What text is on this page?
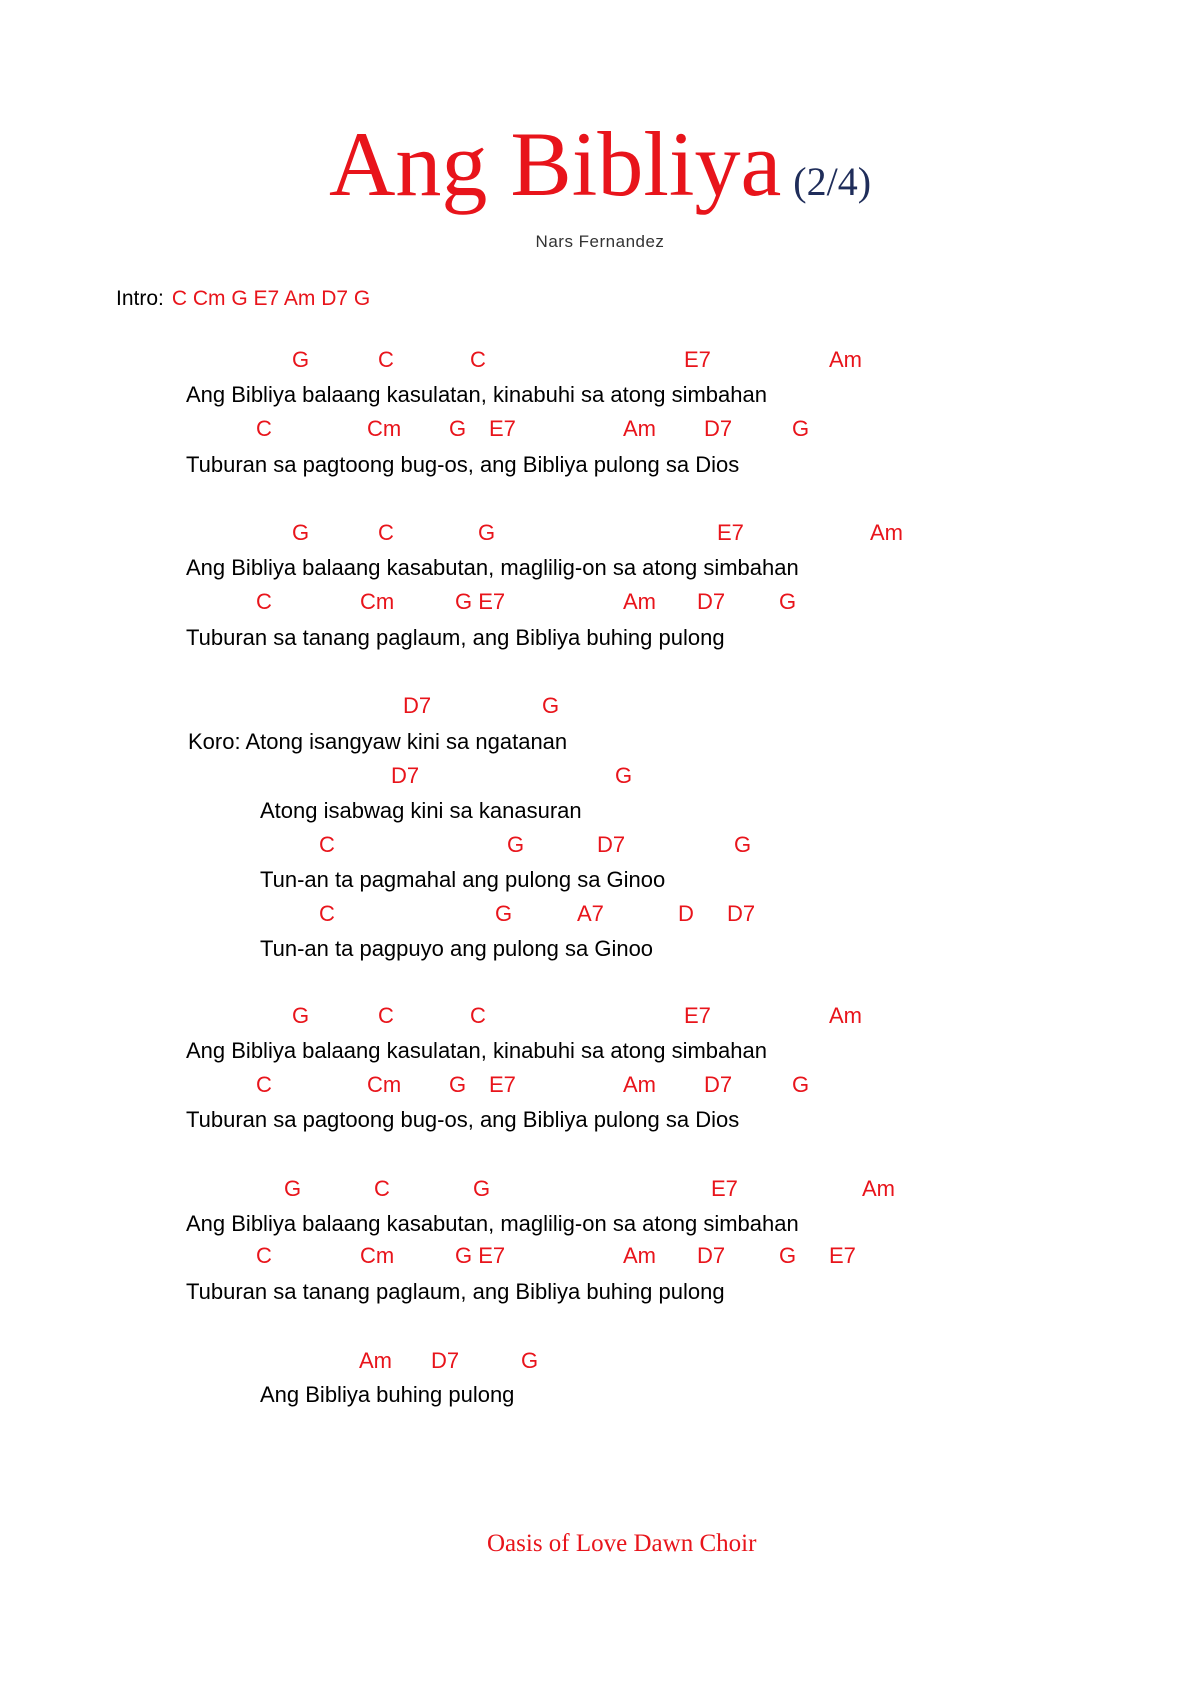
Ang Bibliya (2/4)
Nars Fernandez
Intro: C Cm G E7 Am D7 G
Ang Bibliya balaang kasulatan, kinabuhi sa atong simbahan
G	C	C	E7	Am
Tuburan sa pagtoong bug-os, ang Bibliya pulong sa Dios
C	Cm G E7	Am D7	G
Ang Bibliya balaang kasabutan, maglilig-on sa atong simbahan
G	C	G	E7	Am
Tuburan sa tanang paglaum, ang Bibliya buhing pulong
C	Cm	G E7	Am D7 G
Koro: Atong isangyaw kini sa ngatanan
D7	G
Atong isabwag kini sa kanasuran
D7	G
Tun-an ta pagmahal ang pulong sa Ginoo
C	G	D7	G
Tun-an ta pagpuyo ang pulong sa Ginoo
C	G	A7	D D7
Ang Bibliya balaang kasulatan, kinabuhi sa atong simbahan
G	C	C	E7	Am
Tuburan sa pagtoong bug-os, ang Bibliya pulong sa Dios
C	Cm G E7	Am D7	G
Ang Bibliya balaang kasabutan, maglilig-on sa atong simbahan
G	C	G	E7	Am
Tuburan sa tanang paglaum, ang Bibliya buhing pulong
C	Cm	G E7	Am D7 G E7
Ang Bibliya buhing pulong
Am D7	G
Oasis of Love Dawn Choir
